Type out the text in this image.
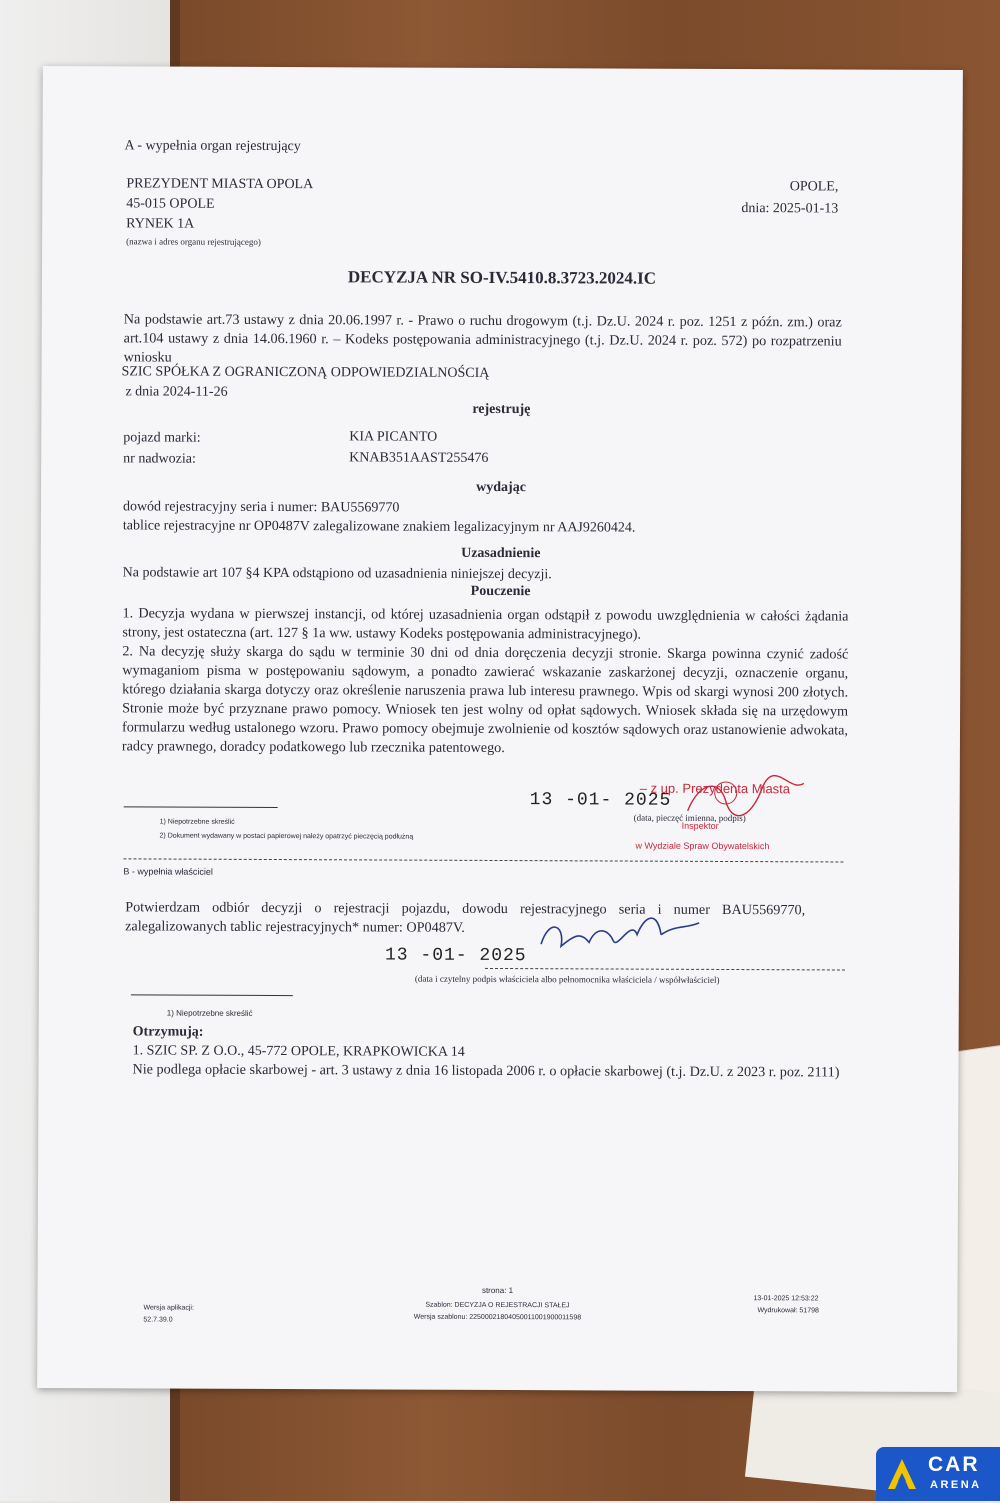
A - wypełnia organ rejestrujący
PREZYDENT MIASTA OPOLA
45-015 OPOLE
RYNEK 1A
(nazwa i adres organu rejestrującego)
OPOLE,
dnia: 2025-01-13
DECYZJA NR SO-IV.5410.8.3723.2024.IC
Na podstawie art.73 ustawy z dnia 20.06.1997 r. - Prawo o ruchu drogowym (t.j. Dz.U. 2024 r. poz. 1251 z późn. zm.) oraz art.104 ustawy z dnia 14.06.1960 r. – Kodeks postępowania administracyjnego (t.j. Dz.U. 2024 r. poz. 572) po rozpatrzeniu wniosku
SZIC SPÓŁKA Z OGRANICZONĄ ODPOWIEDZIALNOŚCIĄ
z dnia 2024-11-26
rejestruję
pojazd marki:	KIA PICANTO
nr nadwozia:	KNAB351AAST255476
wydając
dowód rejestracyjny seria i numer: BAU5569770
tablice rejestracyjne nr OP0487V zalegalizowane znakiem legalizacyjnym nr AAJ9260424.
Uzasadnienie
Na podstawie art 107 §4 KPA odstąpiono od uzasadnienia niniejszej decyzji.
Pouczenie
1. Decyzja wydana w pierwszej instancji, od której uzasadnienia organ odstąpił z powodu uwzględnienia w całości żądania strony, jest ostateczna (art. 127 § 1a ww. ustawy Kodeks postępowania administracyjnego).
2. Na decyzję służy skarga do sądu w terminie 30 dni od dnia doręczenia decyzji stronie. Skarga powinna czynić zadość wymaganiom pisma w postępowaniu sądowym, a ponadto zawierać wskazanie zaskarżonej decyzji, oznaczenie organu, którego działania skarga dotyczy oraz określenie naruszenia prawa lub interesu prawnego. Wpis od skargi wynosi 200 złotych. Stronie może być przyznane prawo pomocy. Wniosek ten jest wolny od opłat sądowych. Wniosek składa się na urzędowym formularzu według ustalonego wzoru. Prawo pomocy obejmuje zwolnienie od kosztów sądowych oraz ustanowienie adwokata, radcy prawnego, doradcy podatkowego lub rzecznika patentowego.
1) Niepotrzebne skreślić
2) Dokument wydawany w postaci papierowej należy opatrzyć pieczęcią podłużną
13 -01- 2025
– z up. Prezydenta Miasta
Inspektor
w Wydziale Spraw Obywatelskich
(data, pieczęć imienna, podpis)
B - wypełnia właściciel
Potwierdzam odbiór decyzji o rejestracji pojazdu, dowodu rejestracyjnego seria i numer BAU5569770, zalegalizowanych tablic rejestracyjnych* numer: OP0487V.
13 -01- 2025
(data i czytelny podpis właściciela albo pełnomocnika właściciela / współwłaściciel)
1) Niepotrzebne skreślić
Otrzymują:
1. SZIC SP. Z O.O., 45-772 OPOLE, KRAPKOWICKA 14
Nie podlega opłacie skarbowej - art. 3 ustawy z dnia 16 listopada 2006 r. o opłacie skarbowej (t.j. Dz.U. z 2023 r. poz. 2111)
strona: 1
Szablon: DECYZJA O REJESTRACJI STAŁEJ
Wersja szablonu: 22500021804050011001900011598
Wersja aplikacji:
52.7.39.0
13-01-2025 12:53:22
Wydrukował: 51798
CAR
ARENA
